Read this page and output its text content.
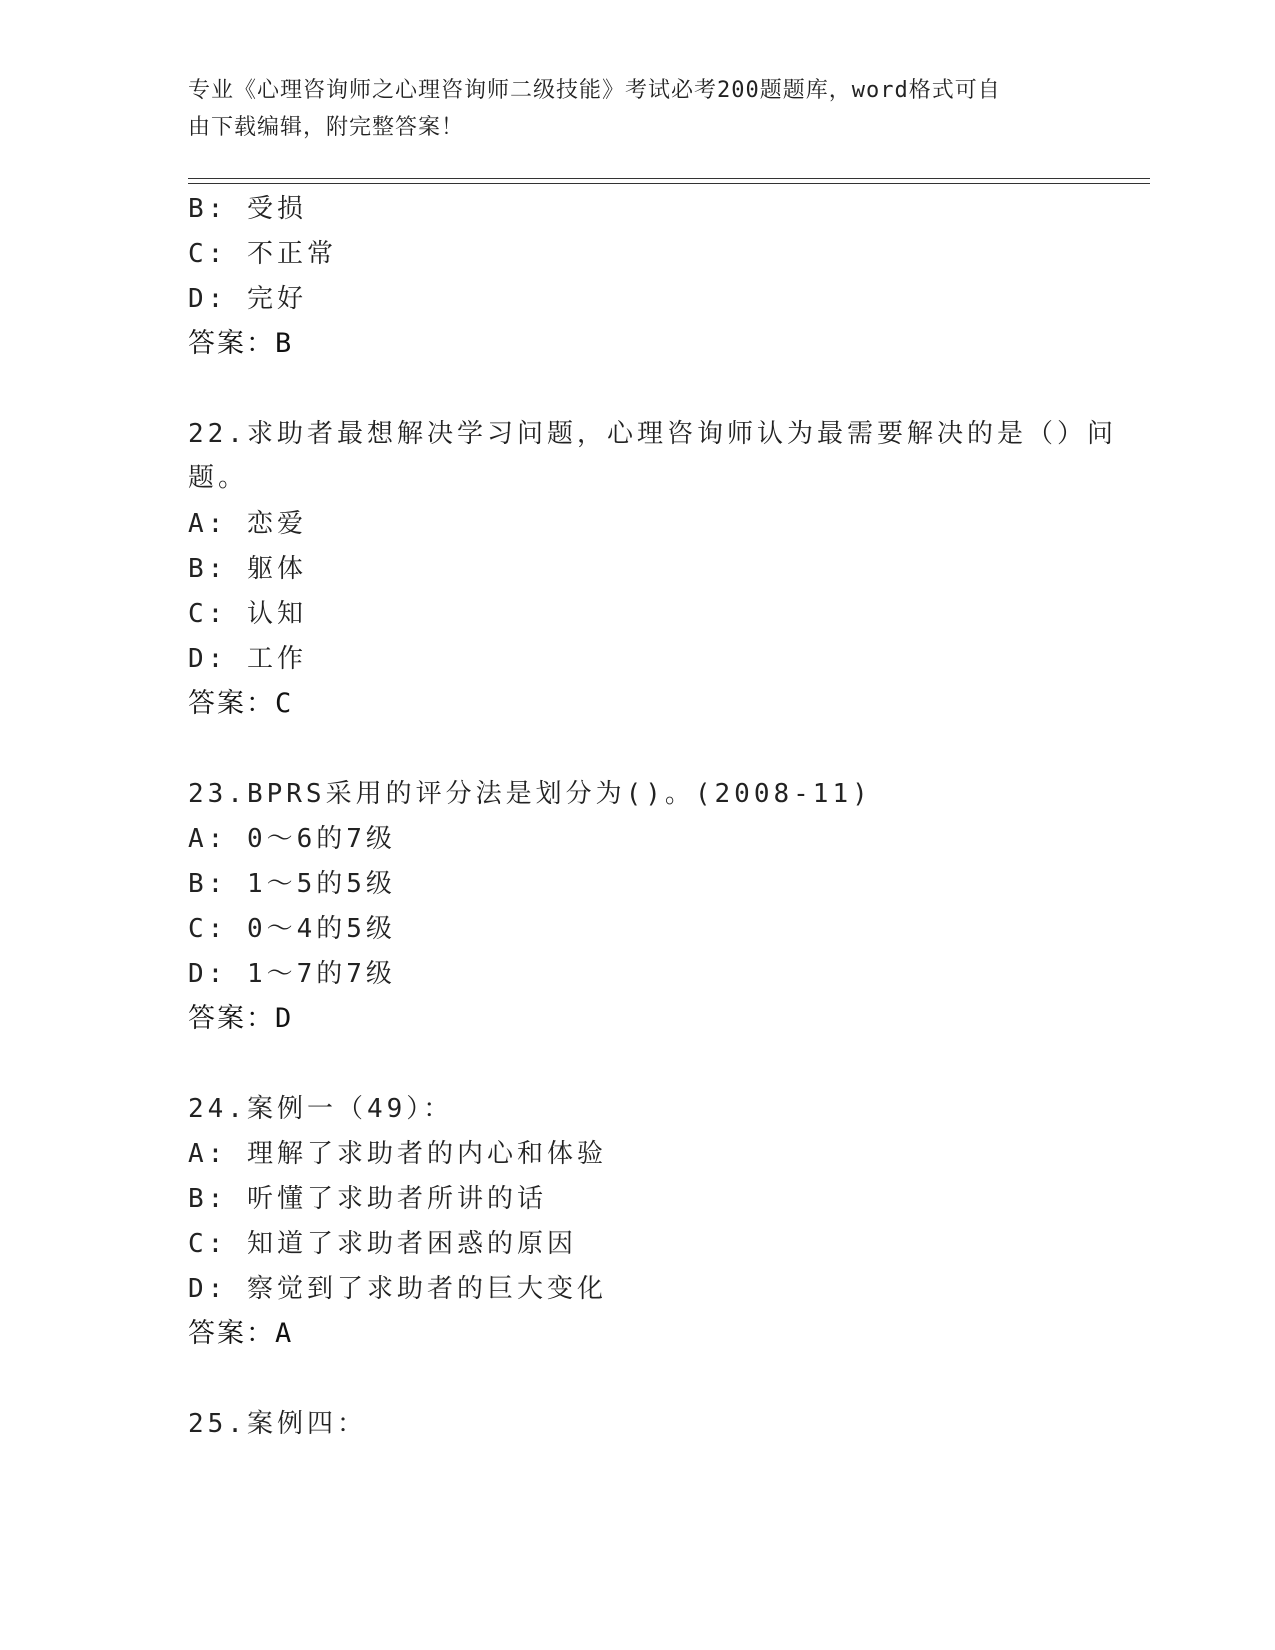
专业《心理咨询师之心理咨询师二级技能》考试必考200题题库，word格式可自
由下载编辑，附完整答案！
B: 受损
C: 不正常
D: 完好
答案：B
22.求助者最想解决学习问题，心理咨询师认为最需要解决的是（）问
题。
A: 恋爱
B: 躯体
C: 认知
D: 工作
答案：C
23.BPRS采用的评分法是划分为()。(2008-11)
A: 0～6的7级
B: 1～5的5级
C: 0～4的5级
D: 1～7的7级
答案：D
24.案例一（49）：
A: 理解了求助者的内心和体验
B: 听懂了求助者所讲的话
C: 知道了求助者困惑的原因
D: 察觉到了求助者的巨大变化
答案：A
25.案例四：
